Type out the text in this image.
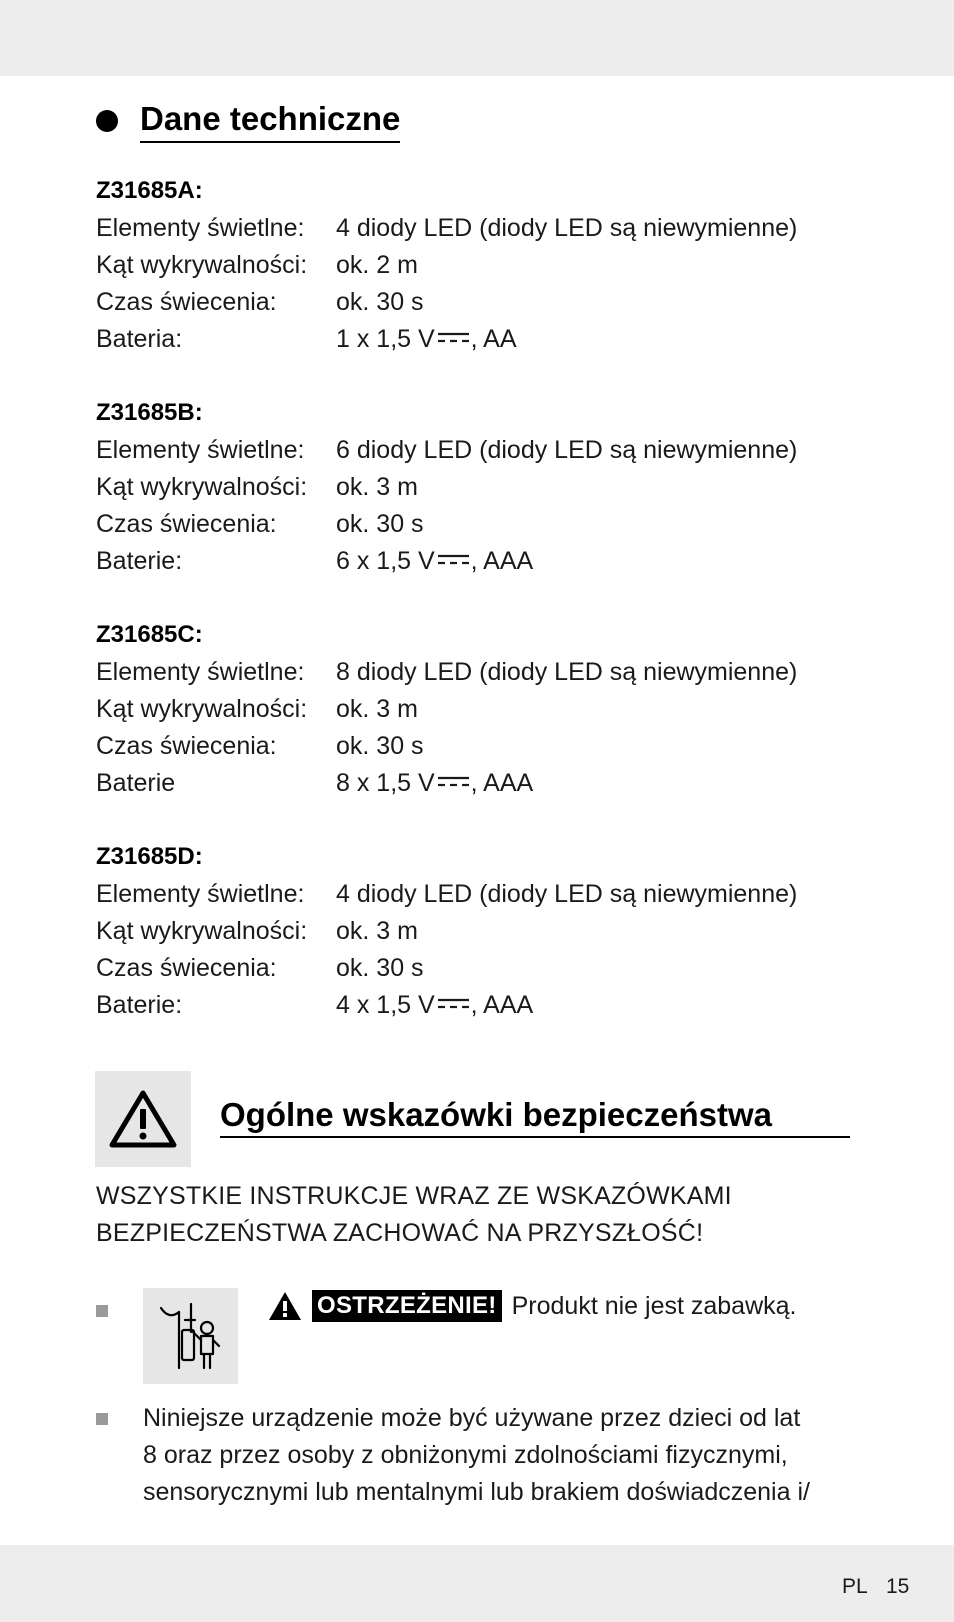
Dane techniczne
Z31685A:
Elementy świetlne:	4 diody LED (diody LED są niewymienne)
Kąt wykrywalności:	ok. 2 m
Czas świecenia:	ok. 30 s
Bateria:	1 x 1,5 V , AA
Z31685B:
Elementy świetlne:	6 diody LED (diody LED są niewymienne)
Kąt wykrywalności:	ok. 3 m
Czas świecenia:	ok. 30 s
Baterie:	6 x 1,5 V , AAA
Z31685C:
Elementy świetlne:	8 diody LED (diody LED są niewymienne)
Kąt wykrywalności:	ok. 3 m
Czas świecenia:	ok. 30 s
Baterie	8 x 1,5 V , AAA
Z31685D:
Elementy świetlne:	4 diody LED (diody LED są niewymienne)
Kąt wykrywalności:	ok. 3 m
Czas świecenia:	ok. 30 s
Baterie:	4 x 1,5 V , AAA
Ogólne wskazówki bezpieczeństwa
WSZYSTKIE INSTRUKCJE WRAZ ZE WSKAZÓWKAMI
BEZPIECZEŃSTWA ZACHOWAĆ NA PRZYSZŁOŚĆ!
OSTRZEŻENIE! Produkt nie jest zabawką.
Niniejsze urządzenie może być używane przez dzieci od lat
8 oraz przez osoby z obniżonymi zdolnościami fizycznymi,
sensorycznymi lub mentalnymi lub brakiem doświadczenia i/
PL 15
